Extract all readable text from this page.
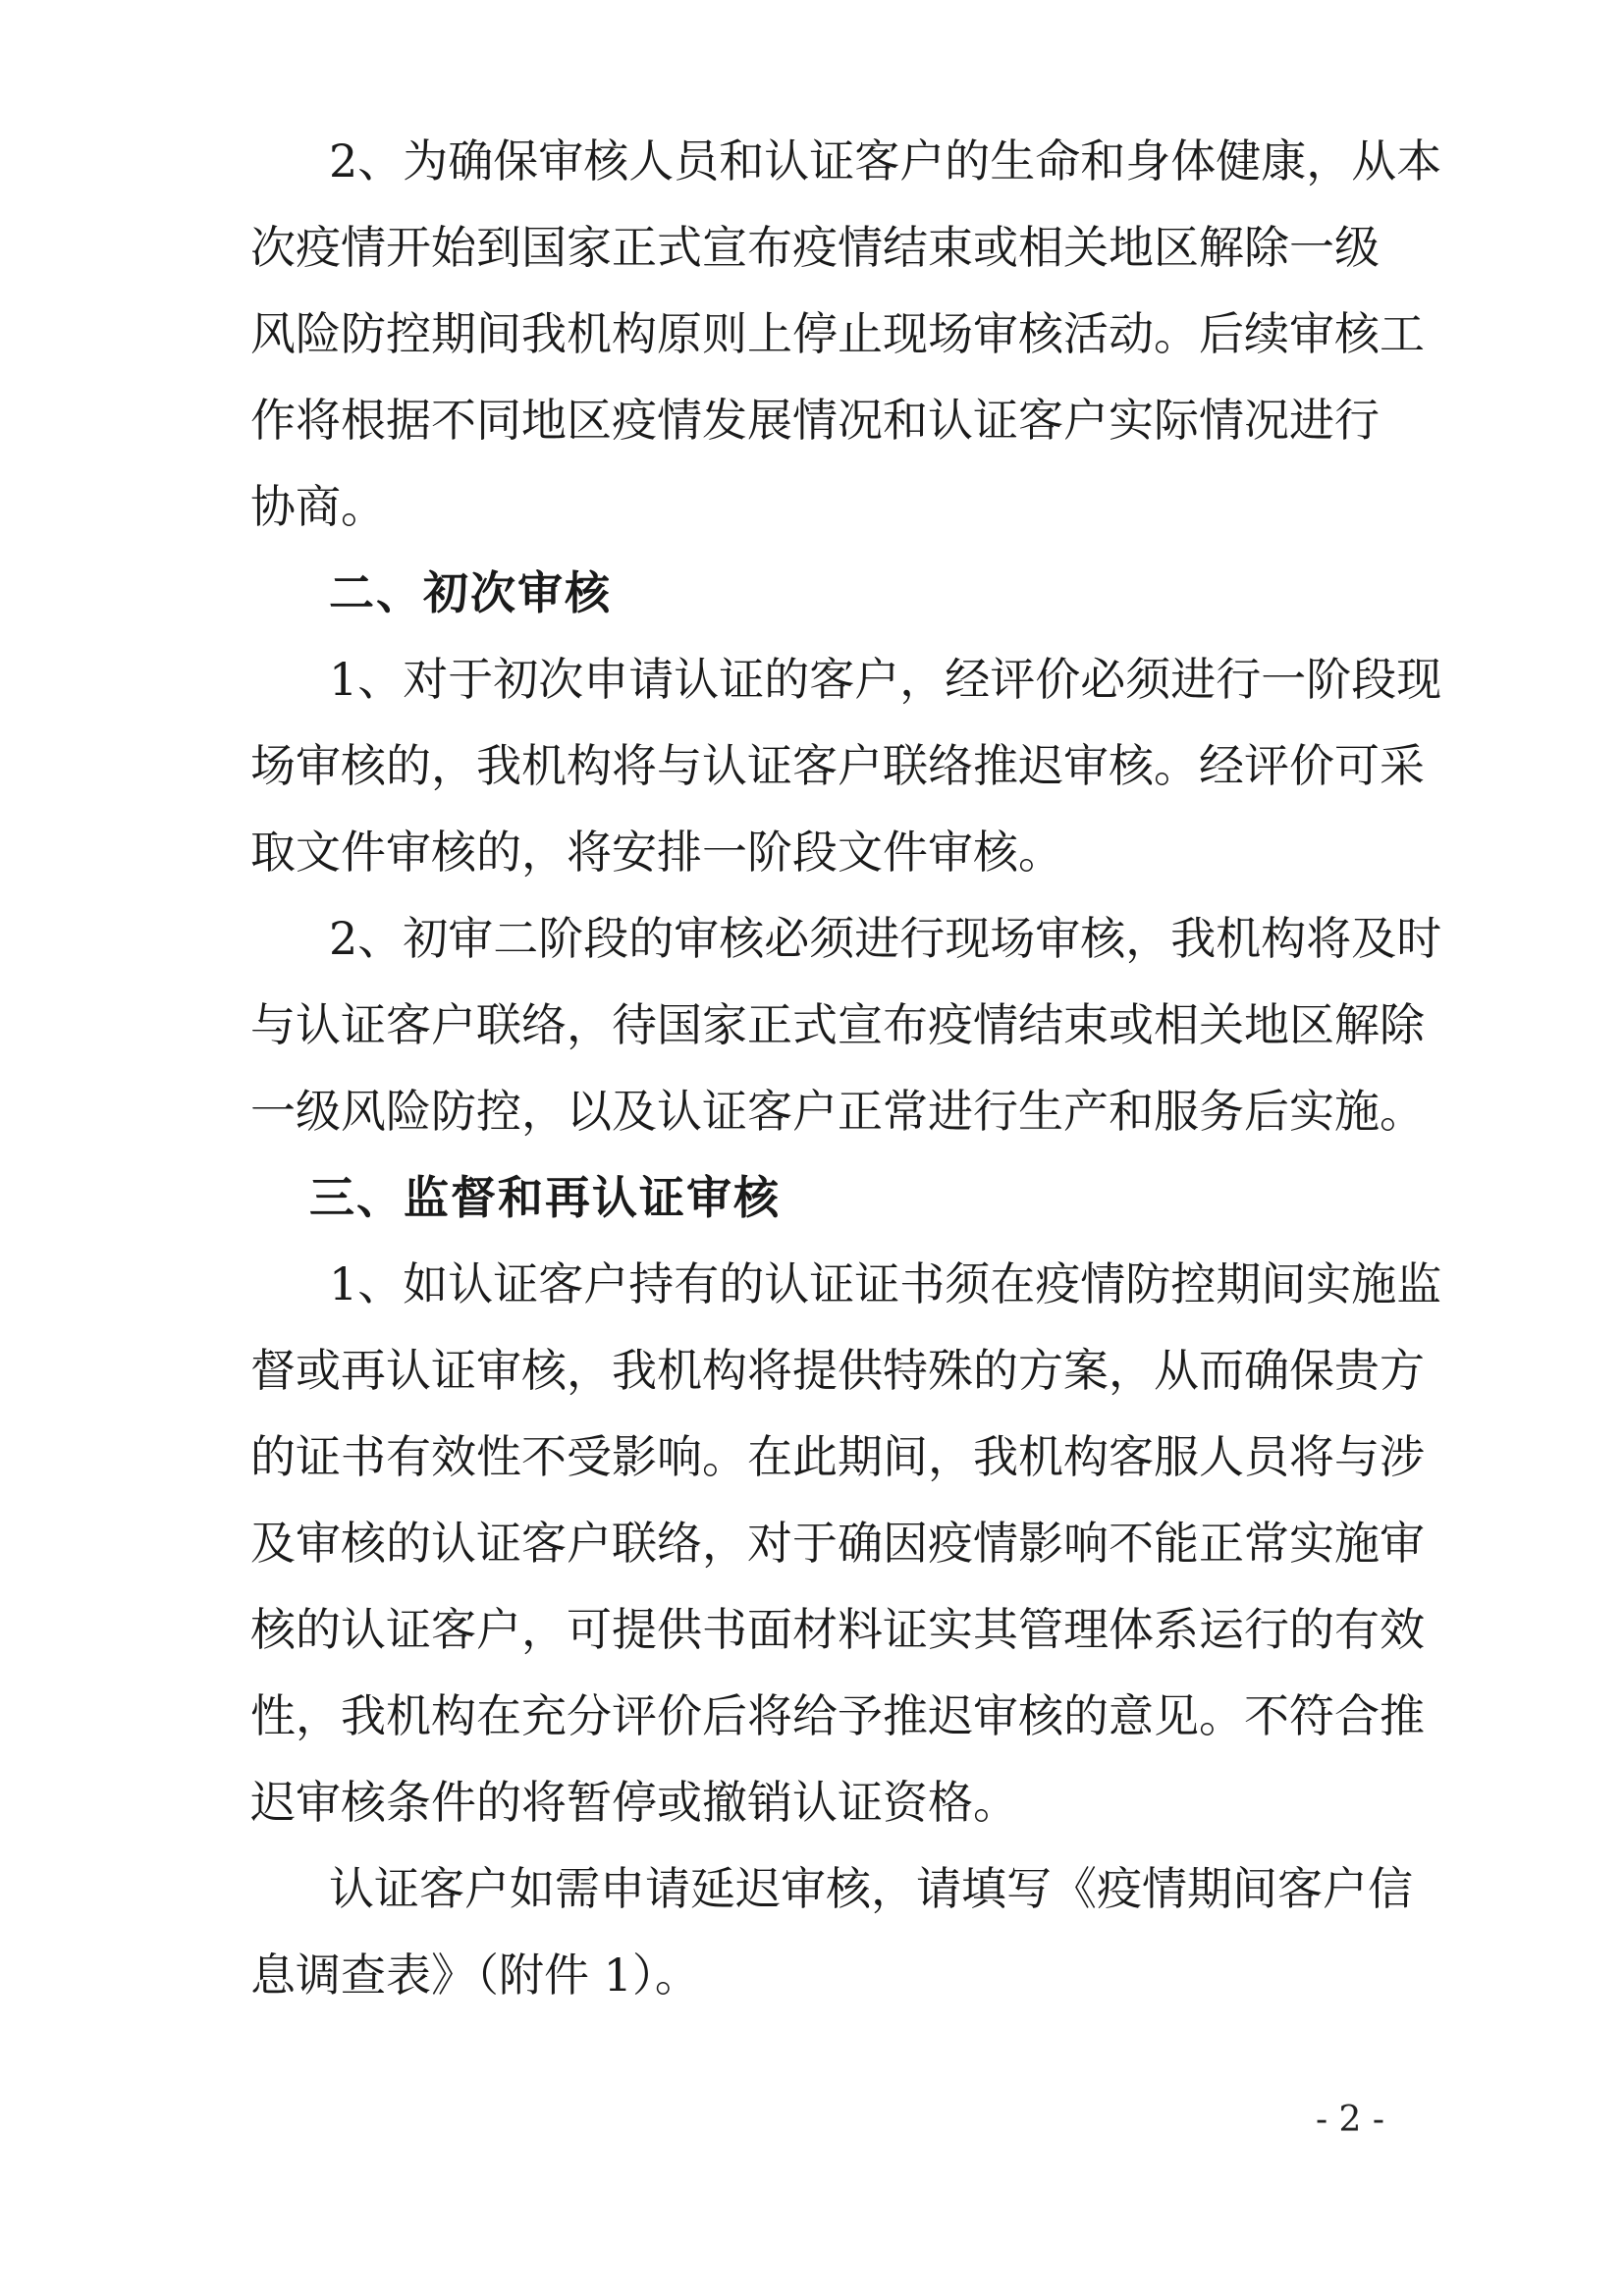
2、为确保审核人员和认证客户的生命和身体健康，从本
次疫情开始到国家正式宣布疫情结束或相关地区解除一级
风险防控期间我机构原则上停止现场审核活动。后续审核工
作将根据不同地区疫情发展情况和认证客户实际情况进行
协商。
二、初次审核
1、对于初次申请认证的客户，经评价必须进行一阶段现
场审核的，我机构将与认证客户联络推迟审核。经评价可采
取文件审核的，将安排一阶段文件审核。
2、初审二阶段的审核必须进行现场审核，我机构将及时
与认证客户联络，待国家正式宣布疫情结束或相关地区解除
一级风险防控，以及认证客户正常进行生产和服务后实施。
三、监督和再认证审核
1、如认证客户持有的认证证书须在疫情防控期间实施监
督或再认证审核，我机构将提供特殊的方案，从而确保贵方
的证书有效性不受影响。在此期间，我机构客服人员将与涉
及审核的认证客户联络，对于确因疫情影响不能正常实施审
核的认证客户，可提供书面材料证实其管理体系运行的有效
性，我机构在充分评价后将给予推迟审核的意见。不符合推
迟审核条件的将暂停或撤销认证资格。
认证客户如需申请延迟审核，请填写《疫情期间客户信
息调查表》（附件 1）。
- 2 -
